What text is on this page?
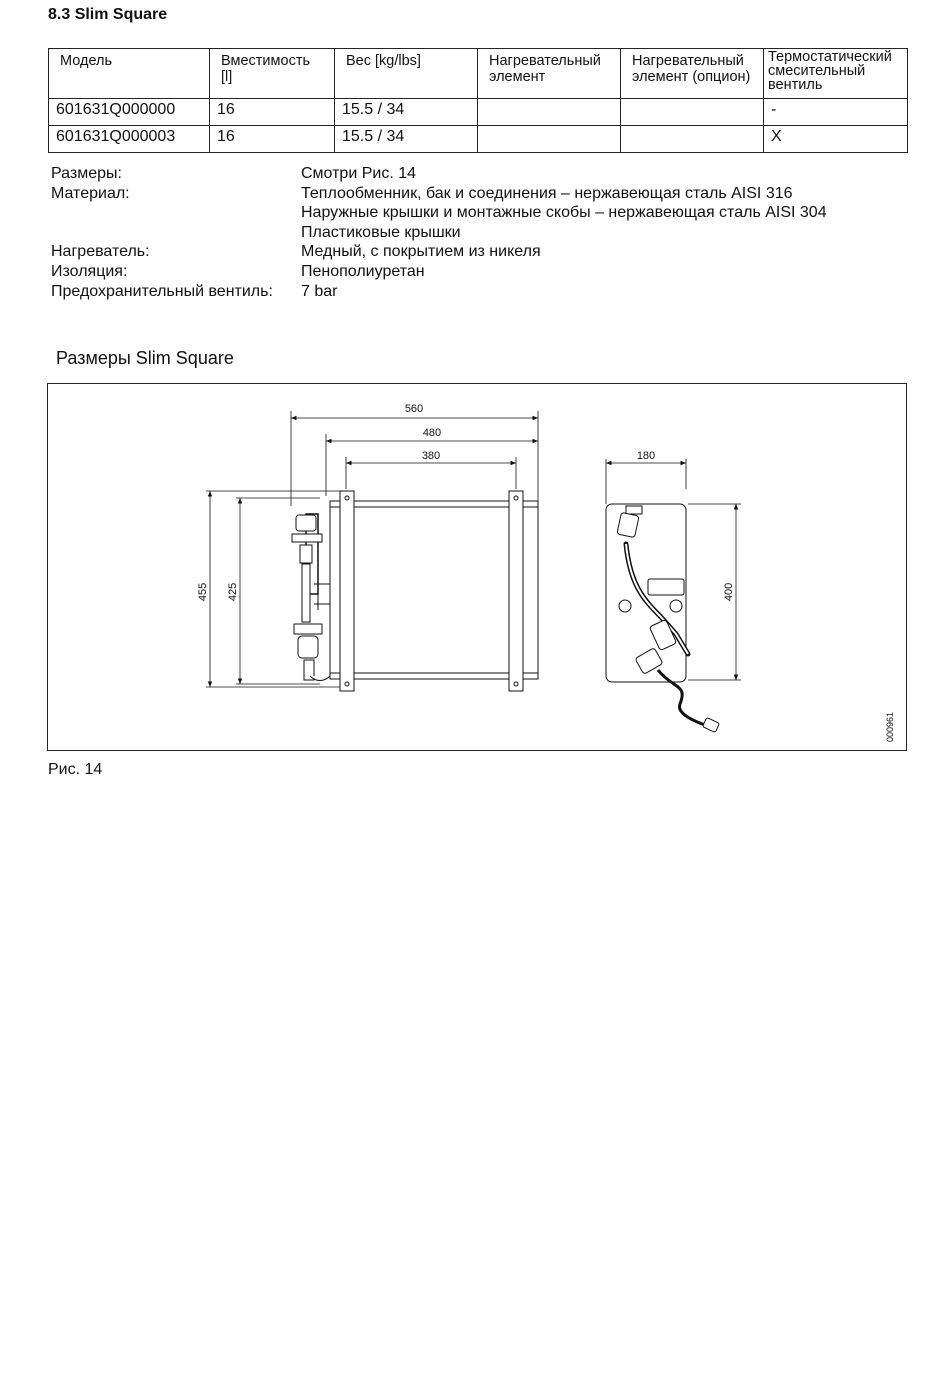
8.3 Slim Square
Модель	Вместимость [l]	Вес [kg/lbs]	Нагревательный элемент	Нагревательный элемент (опцион)	Термостатический смесительный вентиль
601631Q000000	16	15.5 / 34			-
601631Q000003	16	15.5 / 34			X
Размеры:	Смотри Рис. 14
Материал:	Теплообменник, бак и соединения – нержавеющая сталь AISI 316
Наружные крышки и монтажные скобы – нержавеющая сталь AISI 304
Пластиковые крышки
Нагреватель:	Медный, с покрытием из никеля
Изоляция:	Пенополиуретан
Предохранительный вентиль:	7 bar
Размеры Slim Square
560
480
380	180
455 425	400
000961
Рис. 14
